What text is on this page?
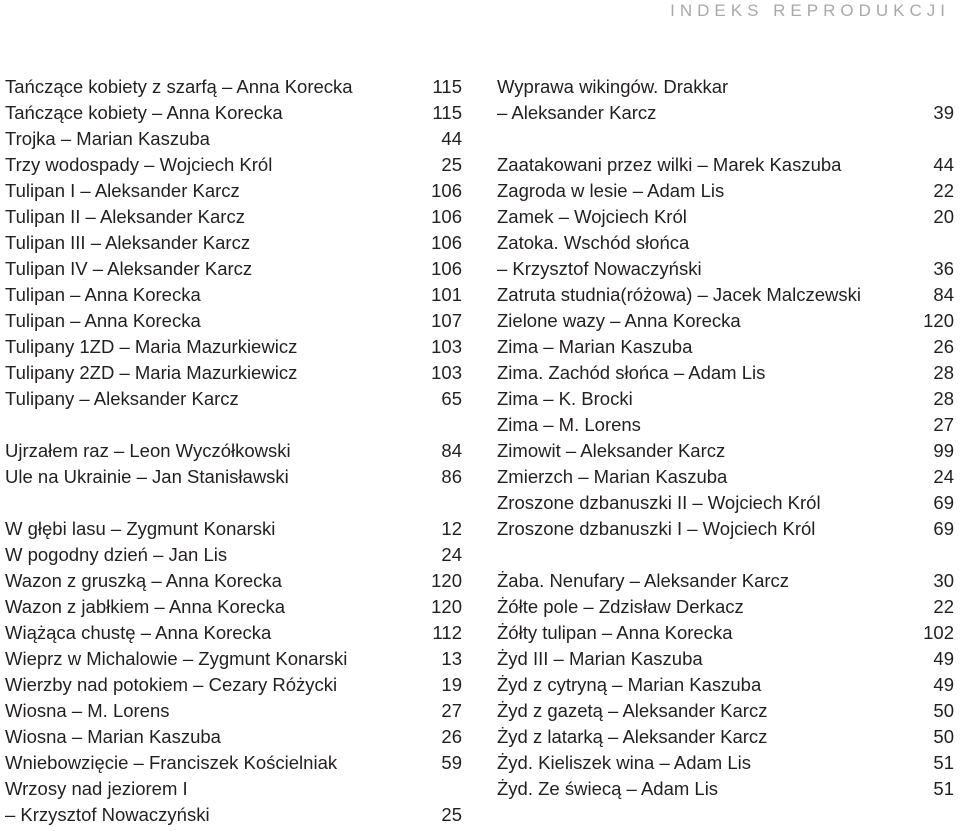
INDEKS REPRODUKCJI
Tańczące kobiety z szarfą – Anna Korecka	115
Tańczące kobiety – Anna Korecka	115
Trojka – Marian Kaszuba	44
Trzy wodospady – Wojciech Król	25
Tulipan I – Aleksander Karcz	106
Tulipan II – Aleksander Karcz	106
Tulipan III – Aleksander Karcz	106
Tulipan IV – Aleksander Karcz	106
Tulipan – Anna Korecka	101
Tulipan – Anna Korecka	107
Tulipany 1ZD – Maria Mazurkiewicz	103
Tulipany 2ZD – Maria Mazurkiewicz	103
Tulipany – Aleksander Karcz	65
Ujrzałem raz – Leon Wyczółkowski	84
Ule na Ukrainie – Jan Stanisławski	86
W głębi lasu – Zygmunt Konarski	12
W pogodny dzień – Jan Lis	24
Wazon z gruszką – Anna Korecka	120
Wazon z jabłkiem – Anna Korecka	120
Wiążąca chustę – Anna Korecka	112
Wieprz w Michalowie – Zygmunt Konarski	13
Wierzby nad potokiem – Cezary Różycki	19
Wiosna – M. Lorens	27
Wiosna – Marian Kaszuba	26
Wniebowzięcie – Franciszek Kościelniak	59
Wrzosy nad jeziorem I
– Krzysztof Nowaczyński	25
Wyprawa wikingów. Drakkar
– Aleksander Karcz	39
Zaatakowani przez wilki – Marek Kaszuba	44
Zagroda w lesie – Adam Lis	22
Zamek – Wojciech Król	20
Zatoka. Wschód słońca
– Krzysztof Nowaczyński	36
Zatruta studnia(różowa) – Jacek Malczewski	84
Zielone wazy – Anna Korecka	120
Zima – Marian Kaszuba	26
Zima. Zachód słońca – Adam Lis	28
Zima – K. Brocki	28
Zima – M. Lorens	27
Zimowit – Aleksander Karcz	99
Zmierzch – Marian Kaszuba	24
Zroszone dzbanuszki II – Wojciech Król	69
Zroszone dzbanuszki I – Wojciech Król	69
Żaba. Nenufary – Aleksander Karcz	30
Żółte pole – Zdzisław Derkacz	22
Żółty tulipan – Anna Korecka	102
Żyd III – Marian Kaszuba	49
Żyd z cytryną – Marian Kaszuba	49
Żyd z gazetą – Aleksander Karcz	50
Żyd z latarką – Aleksander Karcz	50
Żyd. Kieliszek wina – Adam Lis	51
Żyd. Ze świecą – Adam Lis	51
